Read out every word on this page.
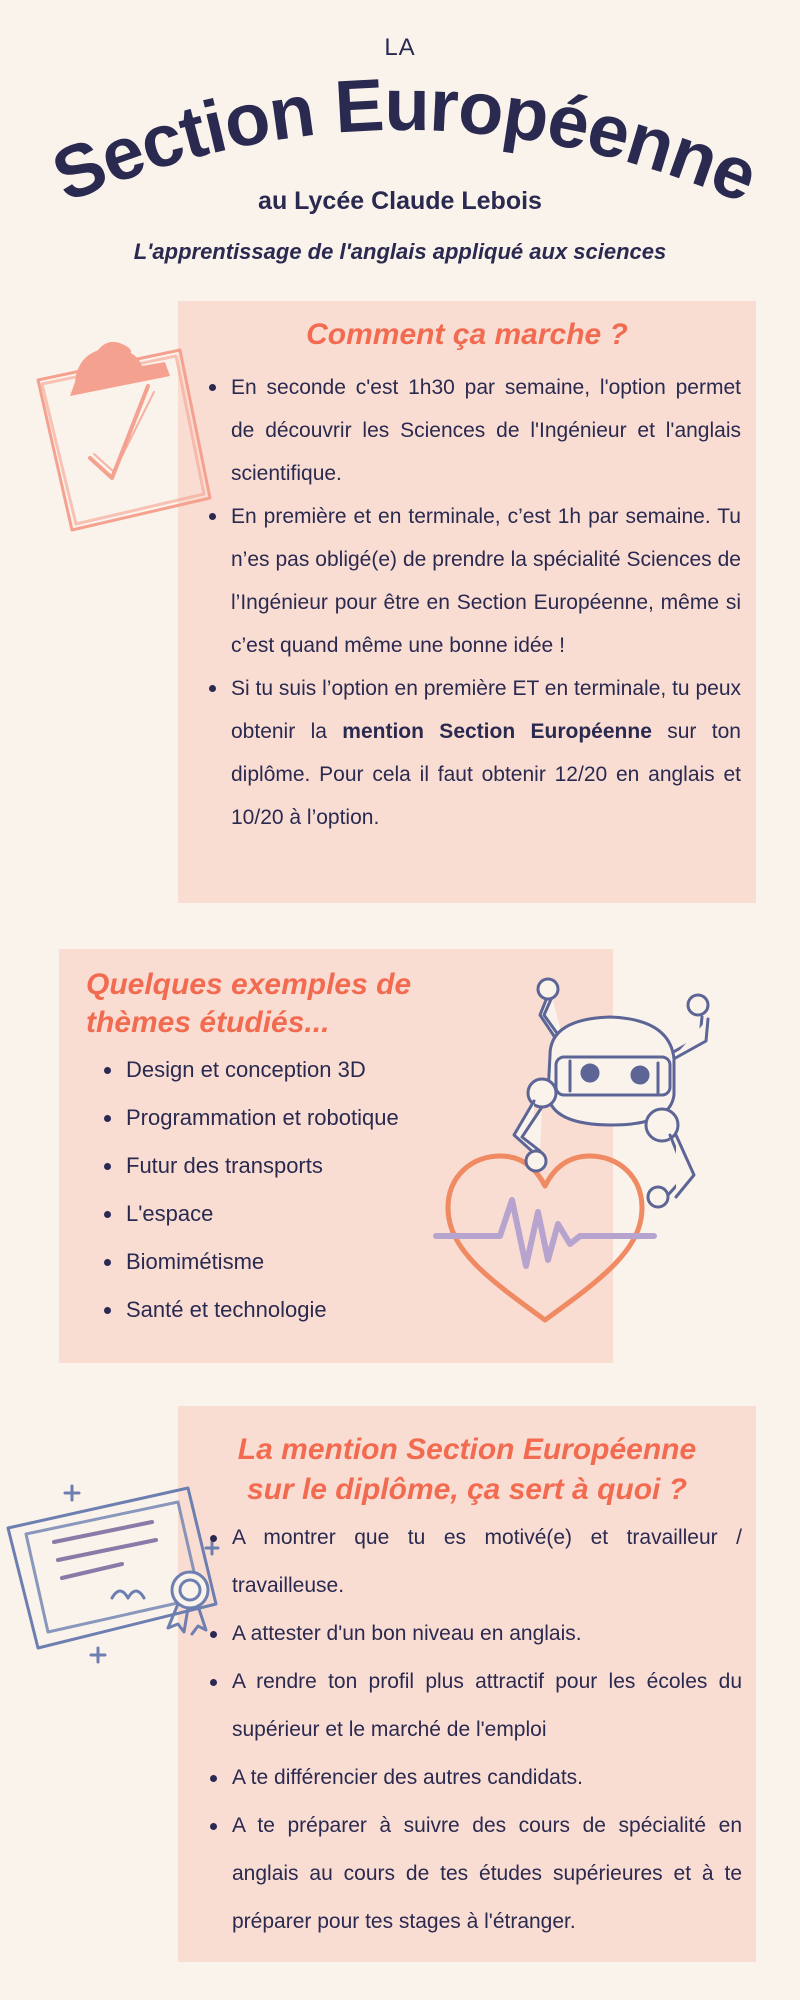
LA
Section Européenne
au Lycée Claude Lebois
L'apprentissage de l'anglais appliqué aux sciences
Comment ça marche ?
En seconde c'est 1h30 par semaine, l'option permet de découvrir les Sciences de l'Ingénieur et l'anglais scientifique.
En première et en terminale, c’est 1h par semaine. Tu n’es pas obligé(e) de prendre la spécialité Sciences de l’Ingénieur pour être en Section Européenne, même si c’est quand même une bonne idée !
Si tu suis l’option en première ET en terminale, tu peux obtenir la mention Section Européenne sur ton diplôme. Pour cela il faut obtenir 12/20 en anglais et 10/20 à l’option.
Quelques exemples de
thèmes étudiés...
Design et conception 3D
Programmation et robotique
Futur des transports
L'espace
Biomimétisme
Santé et technologie
La mention Section Européenne
sur le diplôme, ça sert à quoi ?
A montrer que tu es motivé(e) et travailleur / travailleuse.
A attester d'un bon niveau en anglais.
A rendre ton profil plus attractif pour les écoles du supérieur et le marché de l'emploi
A te différencier des autres candidats.
A te préparer à suivre des cours de spécialité en anglais au cours de tes études supérieures et à te préparer pour tes stages à l'étranger.
